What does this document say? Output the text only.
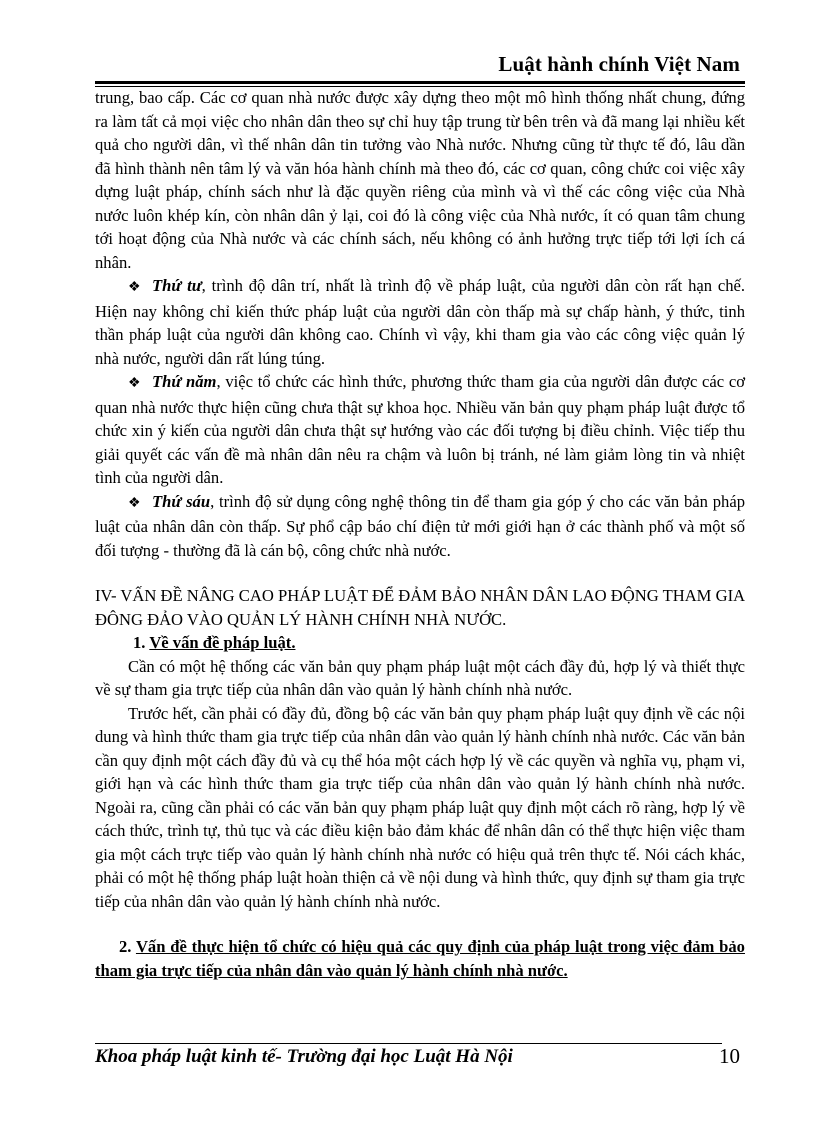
Luật hành chính Việt Nam

trung, bao cấp. Các cơ quan nhà nước được xây dựng theo một mô hình thống nhất chung, đứng ra làm tất cả mọi việc cho nhân dân theo sự chỉ huy tập trung từ bên trên và đã mang lại nhiều kết quả cho người dân, vì thế nhân dân tin tưởng vào Nhà nước. Nhưng cũng từ thực tế đó, lâu dần đã hình thành nên tâm lý và văn hóa hành chính mà theo đó, các cơ quan, công chức coi việc xây dựng luật pháp, chính sách như là đặc quyền riêng của mình và vì thế các công việc của Nhà nước luôn khép kín, còn nhân dân ỷ lại, coi đó là công việc của Nhà nước, ít có quan tâm chung tới hoạt động của Nhà nước và các chính sách, nếu không có ảnh hưởng trực tiếp tới lợi ích cá nhân.

❖ Thứ tư, trình độ dân trí, nhất là trình độ về pháp luật, của người dân còn rất hạn chế. Hiện nay không chỉ kiến thức pháp luật của người dân còn thấp mà sự chấp hành, ý thức, tinh thần pháp luật của người dân không cao. Chính vì vậy, khi tham gia vào các công việc quản lý nhà nước, người dân rất lúng túng.

❖ Thứ năm, việc tổ chức các hình thức, phương thức tham gia của người dân được các cơ quan nhà nước thực hiện cũng chưa thật sự khoa học. Nhiều văn bản quy phạm pháp luật được tổ chức xin ý kiến của người dân chưa thật sự hướng vào các đối tượng bị điều chỉnh. Việc tiếp thu giải quyết các vấn đề mà nhân dân nêu ra chậm và luôn bị tránh, né làm giảm lòng tin và nhiệt tình của người dân.

❖ Thứ sáu, trình độ sử dụng công nghệ thông tin để tham gia góp ý cho các văn bản pháp luật của nhân dân còn thấp. Sự phổ cập báo chí điện tử mới giới hạn ở các thành phố và một số đối tượng - thường đã là cán bộ, công chức nhà nước.

IV- VẤN ĐỀ NÂNG CAO PHÁP LUẬT ĐỂ ĐẢM BẢO NHÂN DÂN LAO ĐỘNG THAM GIA ĐÔNG ĐẢO VÀO QUẢN LÝ HÀNH CHÍNH NHÀ NƯỚC.

1. Về vấn đề pháp luật.

Cần có một hệ thống các văn bản quy phạm pháp luật một cách đầy đủ, hợp lý và thiết thực về sự tham gia trực tiếp của nhân dân vào quản lý hành chính nhà nước.

Trước hết, cần phải có đầy đủ, đồng bộ các văn bản quy phạm pháp luật quy định về các nội dung và hình thức tham gia trực tiếp của nhân dân vào quản lý hành chính nhà nước. Các văn bản cần quy định một cách đầy đủ và cụ thể hóa một cách hợp lý về các quyền và nghĩa vụ, phạm vi, giới hạn và các hình thức tham gia trực tiếp của nhân dân vào quản lý hành chính nhà nước. Ngoài ra, cũng cần phải có các văn bản quy phạm pháp luật quy định một cách rõ ràng, hợp lý về cách thức, trình tự, thủ tục và các điều kiện bảo đảm khác để nhân dân có thể thực hiện việc tham gia một cách trực tiếp vào quản lý hành chính nhà nước có hiệu quả trên thực tế. Nói cách khác, phải có một hệ thống pháp luật hoàn thiện cả về nội dung và hình thức, quy định sự tham gia trực tiếp của nhân dân vào quản lý hành chính nhà nước.

2. Vấn đề thực hiện tổ chức có hiệu quả các quy định của pháp luật trong việc đảm bảo tham gia trực tiếp của nhân dân vào quản lý hành chính nhà nước.

Khoa pháp luật kinh tế- Trường đại học Luật Hà Nội	10
